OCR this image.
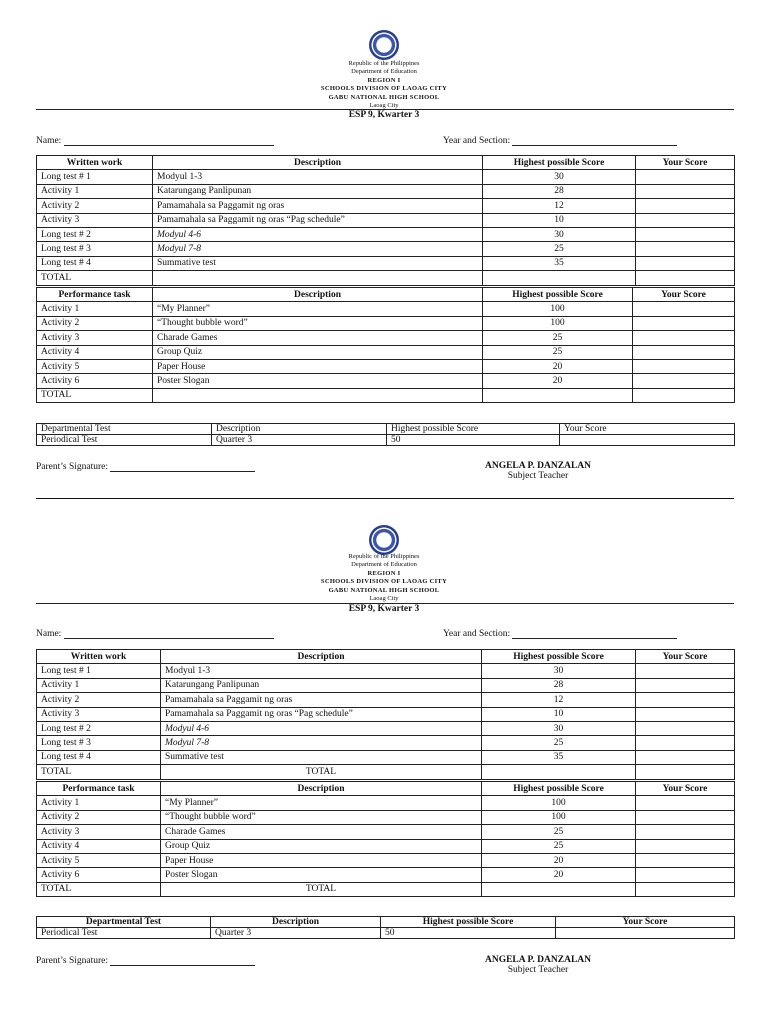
Republic of the Philippines
Department of Education
REGION I
SCHOOLS DIVISION OF LAOAG CITY
GABU NATIONAL HIGH SCHOOL
Laoag City
ESP 9, Kwarter 3
Name:	Year and Section:
Written work	Description	Highest possible Score	Your Score
Long test # 1	Modyul 1-3	30	
Activity 1	Katarungang Panlipunan	28	
Activity 2	Pamamahala sa Paggamit ng oras	12	
Activity 3	Pamamahala sa Paggamit ng oras “Pag schedule”	10	
Long test # 2	Modyul 4-6	30	
Long test # 3	Modyul 7-8	25	
Long test # 4	Summative test	35	
TOTAL			
Performance task	Description	Highest possible Score	Your Score
Activity 1	“My Planner”	100	
Activity 2	“Thought bubble word”	100	
Activity 3	Charade Games	25	
Activity 4	Group Quiz	25	
Activity 5	Paper House	20	
Activity 6	Poster Slogan	20	
TOTAL			
Departmental Test	Description	Highest possible Score	Your Score
Periodical Test	Quarter 3	50	
Parent’s Signature:	ANGELA P. DANZALAN
Subject Teacher
Republic of the Philippines
Department of Education
REGION I
SCHOOLS DIVISION OF LAOAG CITY
GABU NATIONAL HIGH SCHOOL
Laoag City
ESP 9, Kwarter 3
Name:	Year and Section:
Written work	Description	Highest possible Score	Your Score
Long test # 1	Modyul 1-3	30	
Activity 1	Katarungang Panlipunan	28	
Activity 2	Pamamahala sa Paggamit ng oras	12	
Activity 3	Pamamahala sa Paggamit ng oras “Pag schedule”	10	
Long test # 2	Modyul 4-6	30	
Long test # 3	Modyul 7-8	25	
Long test # 4	Summative test	35	
TOTAL	TOTAL		
Performance task	Description	Highest possible Score	Your Score
Activity 1	“My Planner”	100	
Activity 2	“Thought bubble word”	100	
Activity 3	Charade Games	25	
Activity 4	Group Quiz	25	
Activity 5	Paper House	20	
Activity 6	Poster Slogan	20	
TOTAL	TOTAL		
Departmental Test	Description	Highest possible Score	Your Score
Periodical Test	Quarter 3	50	
Parent’s Signature:	ANGELA P. DANZALAN
Subject Teacher
